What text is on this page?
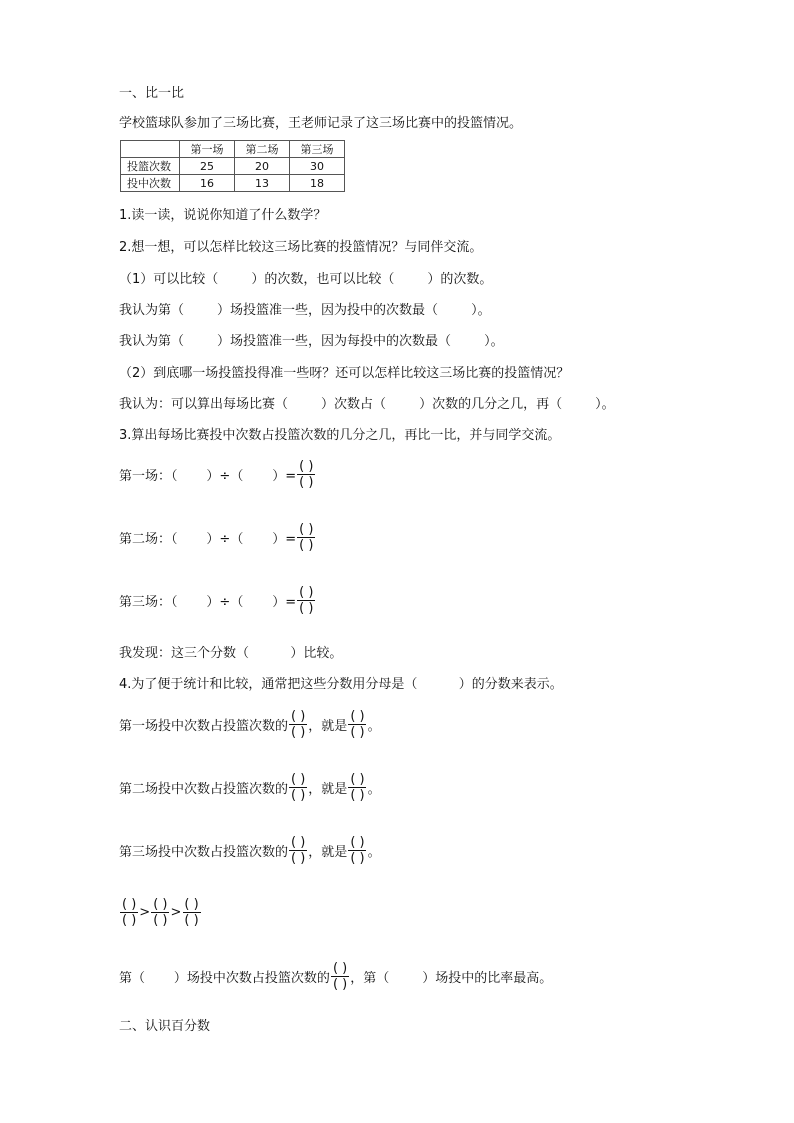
一、比一比
学校篮球队参加了三场比赛，王老师记录了这三场比赛中的投篮情况。
	第一场	第二场	第三场
投篮次数	25	20	30
投中次数	16	13	18
1.读一读，说说你知道了什么数学？
2.想一想，可以怎样比较这三场比赛的投篮情况？与同伴交流。
（1）可以比较（        ）的次数，也可以比较（        ）的次数。
我认为第（        ）场投篮准一些，因为投中的次数最（        ）。
我认为第（        ）场投篮准一些，因为每投中的次数最（        ）。
（2）到底哪一场投篮投得准一些呀？还可以怎样比较这三场比赛的投篮情况？
我认为：可以算出每场比赛（        ）次数占（        ）次数的几分之几，再（        ）。
3.算出每场比赛投中次数占投篮次数的几分之几，再比一比，并与同学交流。
第一场：（       ）÷（       ）= $\frac{( )}{( )}$
第二场：（       ）÷（       ）= $\frac{( )}{( )}$
第三场：（       ）÷（       ）= $\frac{( )}{( )}$
我发现：这三个分数（          ）比较。
4.为了便于统计和比较，通常把这些分数用分母是（          ）的分数来表示。
第一场投中次数占投篮次数的 $\frac{( )}{( )}$ ，就是 $\frac{( )}{( )}$ 。
第二场投中次数占投篮次数的 $\frac{( )}{( )}$ ，就是 $\frac{( )}{( )}$ 。
第三场投中次数占投篮次数的 $\frac{( )}{( )}$ ，就是 $\frac{( )}{( )}$ 。
$\frac{( )}{( )} > \frac{( )}{( )} > \frac{( )}{( )}$
第（       ）场投中次数占投篮次数的 $\frac{( )}{( )}$ ，第（        ）场投中的比率最高。
二、认识百分数
